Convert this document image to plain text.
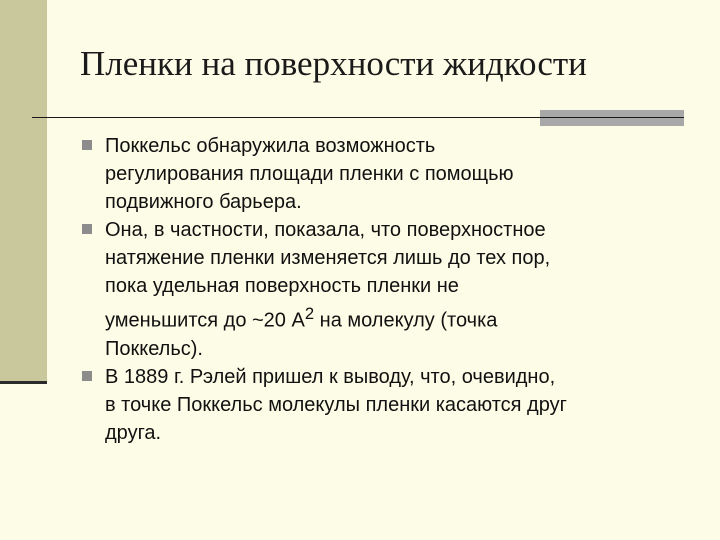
Пленки на поверхности жидкости
Поккельс обнаружила возможность
регулирования площади пленки с помощью
подвижного барьера.
Она, в частности, показала, что поверхностное
натяжение пленки изменяется лишь до тех пор,
пока удельная поверхность пленки не
уменьшится до ~20 $А^2$ на молекулу (точка
Поккельс).
В 1889 г. Рэлей пришел к выводу, что, очевидно,
в точке Поккельс молекулы пленки касаются друг
друга.
